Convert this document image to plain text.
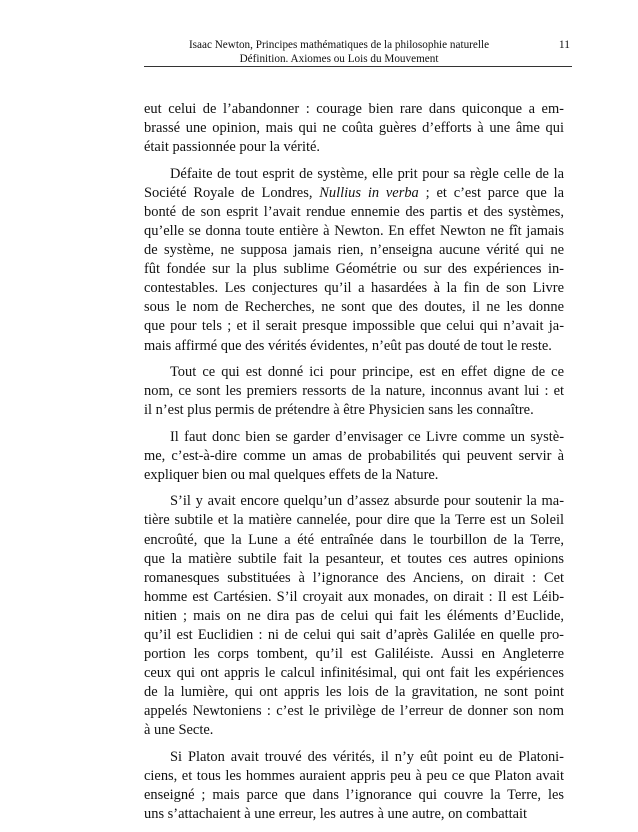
Isaac Newton, Principes mathématiques de la philosophie naturelle
Définition. Axiomes ou Lois du Mouvement
11
eut celui de l’abandonner : courage bien rare dans quiconque a em-
brassé une opinion, mais qui ne coûta guères d’efforts à une âme qui
était passionnée pour la vérité.
Défaite de tout esprit de système, elle prit pour sa règle celle de la
Société Royale de Londres, Nullius in verba ; et c’est parce que la
bonté de son esprit l’avait rendue ennemie des partis et des systèmes,
qu’elle se donna toute entière à Newton. En effet Newton ne fît jamais
de système, ne supposa jamais rien, n’enseigna aucune vérité qui ne
fût fondée sur la plus sublime Géométrie ou sur des expériences in-
contestables. Les conjectures qu’il a hasardées à la fin de son Livre
sous le nom de Recherches, ne sont que des doutes, il ne les donne
que pour tels ; et il serait presque impossible que celui qui n’avait ja-
mais affirmé que des vérités évidentes, n’eût pas douté de tout le reste.
Tout ce qui est donné ici pour principe, est en effet digne de ce
nom, ce sont les premiers ressorts de la nature, inconnus avant lui : et
il n’est plus permis de prétendre à être Physicien sans les connaître.
Il faut donc bien se garder d’envisager ce Livre comme un systè-
me, c’est-à-dire comme un amas de probabilités qui peuvent servir à
expliquer bien ou mal quelques effets de la Nature.
S’il y avait encore quelqu’un d’assez absurde pour soutenir la ma-
tière subtile et la matière cannelée, pour dire que la Terre est un Soleil
encroûté, que la Lune a été entraînée dans le tourbillon de la Terre,
que la matière subtile fait la pesanteur, et toutes ces autres opinions
romanesques substituées à l’ignorance des Anciens, on dirait : Cet
homme est Cartésien. S’il croyait aux monades, on dirait : Il est Léib-
nitien ; mais on ne dira pas de celui qui fait les éléments d’Euclide,
qu’il est Euclidien : ni de celui qui sait d’après Galilée en quelle pro-
portion les corps tombent, qu’il est Galiléiste. Aussi en Angleterre
ceux qui ont appris le calcul infinitésimal, qui ont fait les expériences
de la lumière, qui ont appris les lois de la gravitation, ne sont point
appelés Newtoniens : c’est le privilège de l’erreur de donner son nom
à une Secte.
Si Platon avait trouvé des vérités, il n’y eût point eu de Platoni-
ciens, et tous les hommes auraient appris peu à peu ce que Platon avait
enseigné ; mais parce que dans l’ignorance qui couvre la Terre, les
uns s’attachaient à une erreur, les autres à une autre, on combattait
